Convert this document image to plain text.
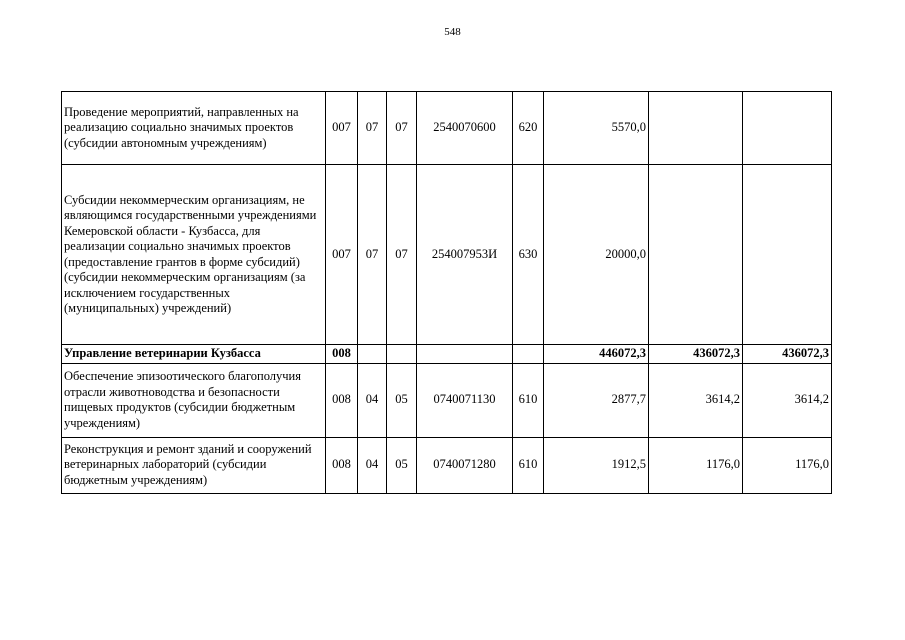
548
Проведение мероприятий, направленных на реализацию социально значимых проектов (субсидии автономным учреждениям)	007	07	07	2540070600	620	5570,0		
Субсидии некоммерческим организациям, не являющимся государственными учреждениями Кемеровской области - Кузбасса, для реализации социально значимых проектов (предоставление грантов в форме субсидий) (субсидии некоммерческим организациям (за исключением государственных (муниципальных) учреждений)	007	07	07	254007953И	630	20000,0		
Управление ветеринарии Кузбасса	008					446072,3	436072,3	436072,3
Обеспечение эпизоотического благополучия отрасли животноводства и безопасности пищевых продуктов (субсидии бюджетным учреждениям)	008	04	05	0740071130	610	2877,7	3614,2	3614,2
Реконструкция и ремонт зданий и сооружений ветеринарных лабораторий (субсидии бюджетным учреждениям)	008	04	05	0740071280	610	1912,5	1176,0	1176,0
